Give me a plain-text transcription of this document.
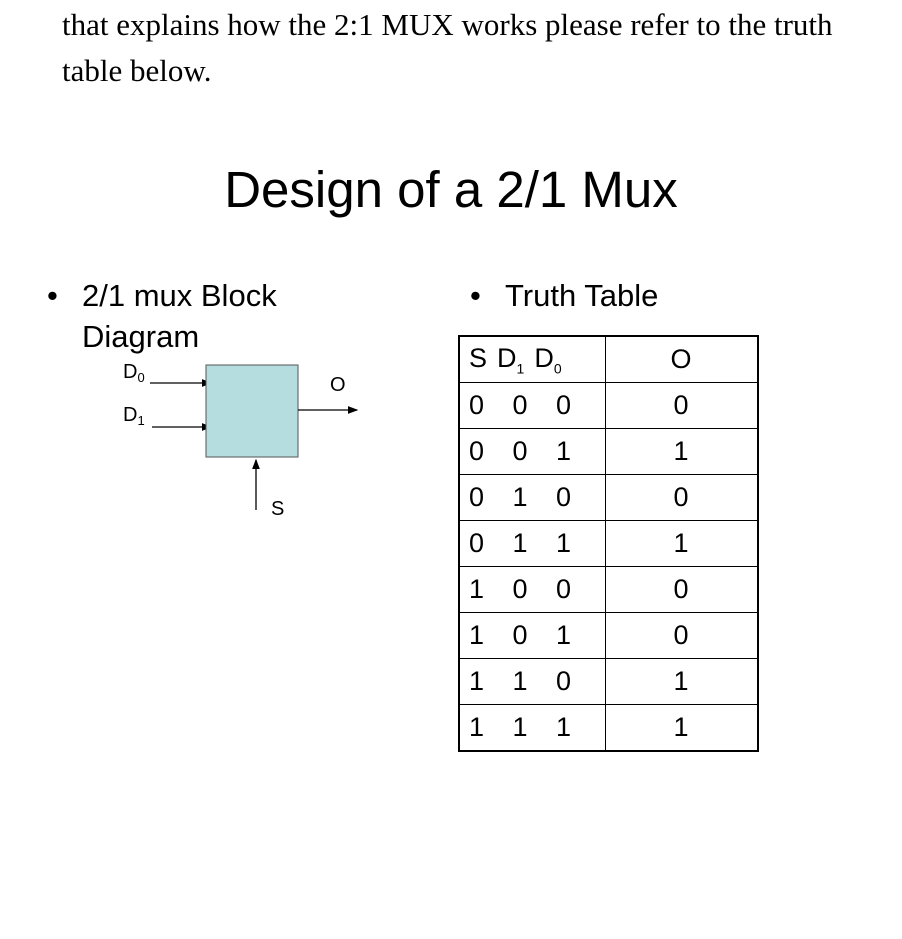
that explains how the 2:1 MUX works please refer to the truth table below.

Design of a 2/1 Mux
• 2/1 mux Block
Diagram
• Truth Table
$D_0$
$D_1$
O
S
S $D_1$ $D_0$	O

0 0 0	0

0 0 1	1

0 1 0	0

0 1 1	1

1 0 0	0

1 0 1	0

1 1 0	1

1 1 1	1
